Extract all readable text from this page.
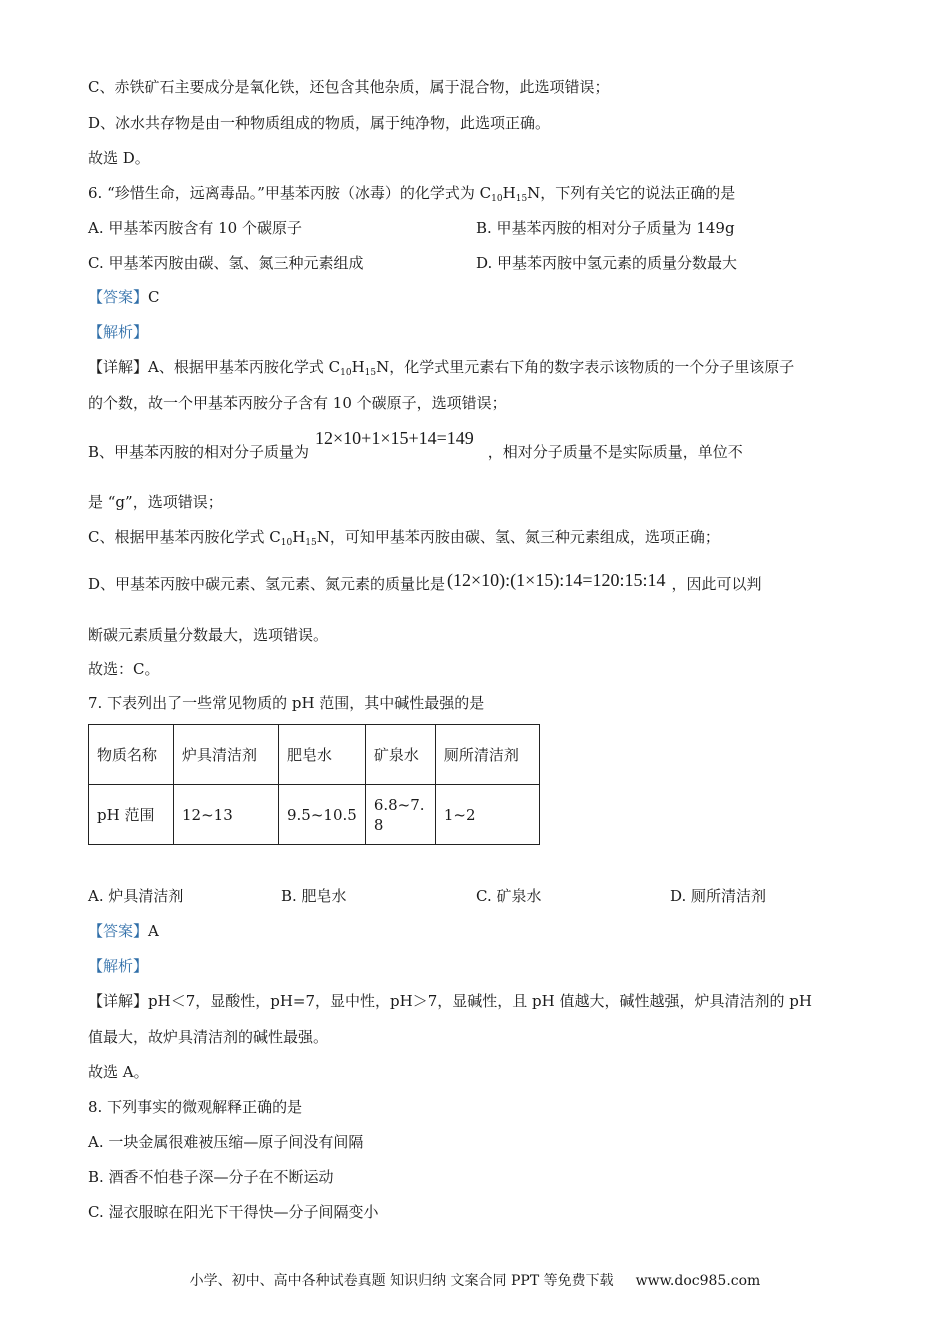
C、赤铁矿石主要成分是氧化铁，还包含其他杂质，属于混合物，此选项错误；
D、冰水共存物是由一种物质组成的物质，属于纯净物，此选项正确。
故选 D。
6. “珍惜生命，远离毒品。”甲基苯丙胺（冰毒）的化学式为 $C_{10}H_{15}N$，下列有关它的说法正确的是
A. 甲基苯丙胺含有 10 个碳原子	B. 甲基苯丙胺的相对分子质量为 149g
C. 甲基苯丙胺由碳、氢、氮三种元素组成	D. 甲基苯丙胺中氢元素的质量分数最大
【答案】C
【解析】
【详解】A、根据甲基苯丙胺化学式 $C_{10}H_{15}N$，化学式里元素右下角的数字表示该物质的一个分子里该原子
的个数，故一个甲基苯丙胺分子含有 10 个碳原子，选项错误；
B、甲基苯丙胺的相对分子质量为12×10+1×15+14=149，相对分子质量不是实际质量，单位不
是 “g”，选项错误；
C、根据甲基苯丙胺化学式 $C_{10}H_{15}N$，可知甲基苯丙胺由碳、氢、氮三种元素组成，选项正确；
D、甲基苯丙胺中碳元素、氢元素、氮元素的质量比是 (12×10):(1×15):14=120:15:14 ，因此可以判
断碳元素质量分数最大，选项错误。
故选：C。
7. 下表列出了一些常见物质的 pH 范围，其中碱性最强的是
物质名称	炉具清洁剂	肥皂水	矿泉水	厕所清洁剂
pH 范围	12~13	9.5~10.5	6.8~7.8	1~2
A. 炉具清洁剂	B. 肥皂水	C. 矿泉水	D. 厕所清洁剂
【答案】A
【解析】
【详解】pH＜7，显酸性，pH=7，显中性，pH＞7，显碱性，且 pH 值越大，碱性越强，炉具清洁剂的 pH
值最大，故炉具清洁剂的碱性最强。
故选 A。
8. 下列事实的微观解释正确的是
A. 一块金属很难被压缩—原子间没有间隔
B. 酒香不怕巷子深—分子在不断运动
C. 湿衣服晾在阳光下干得快—分子间隔变小
小学、初中、高中各种试卷真题 知识归纳 文案合同 PPT 等免费下载 www.doc985.com
